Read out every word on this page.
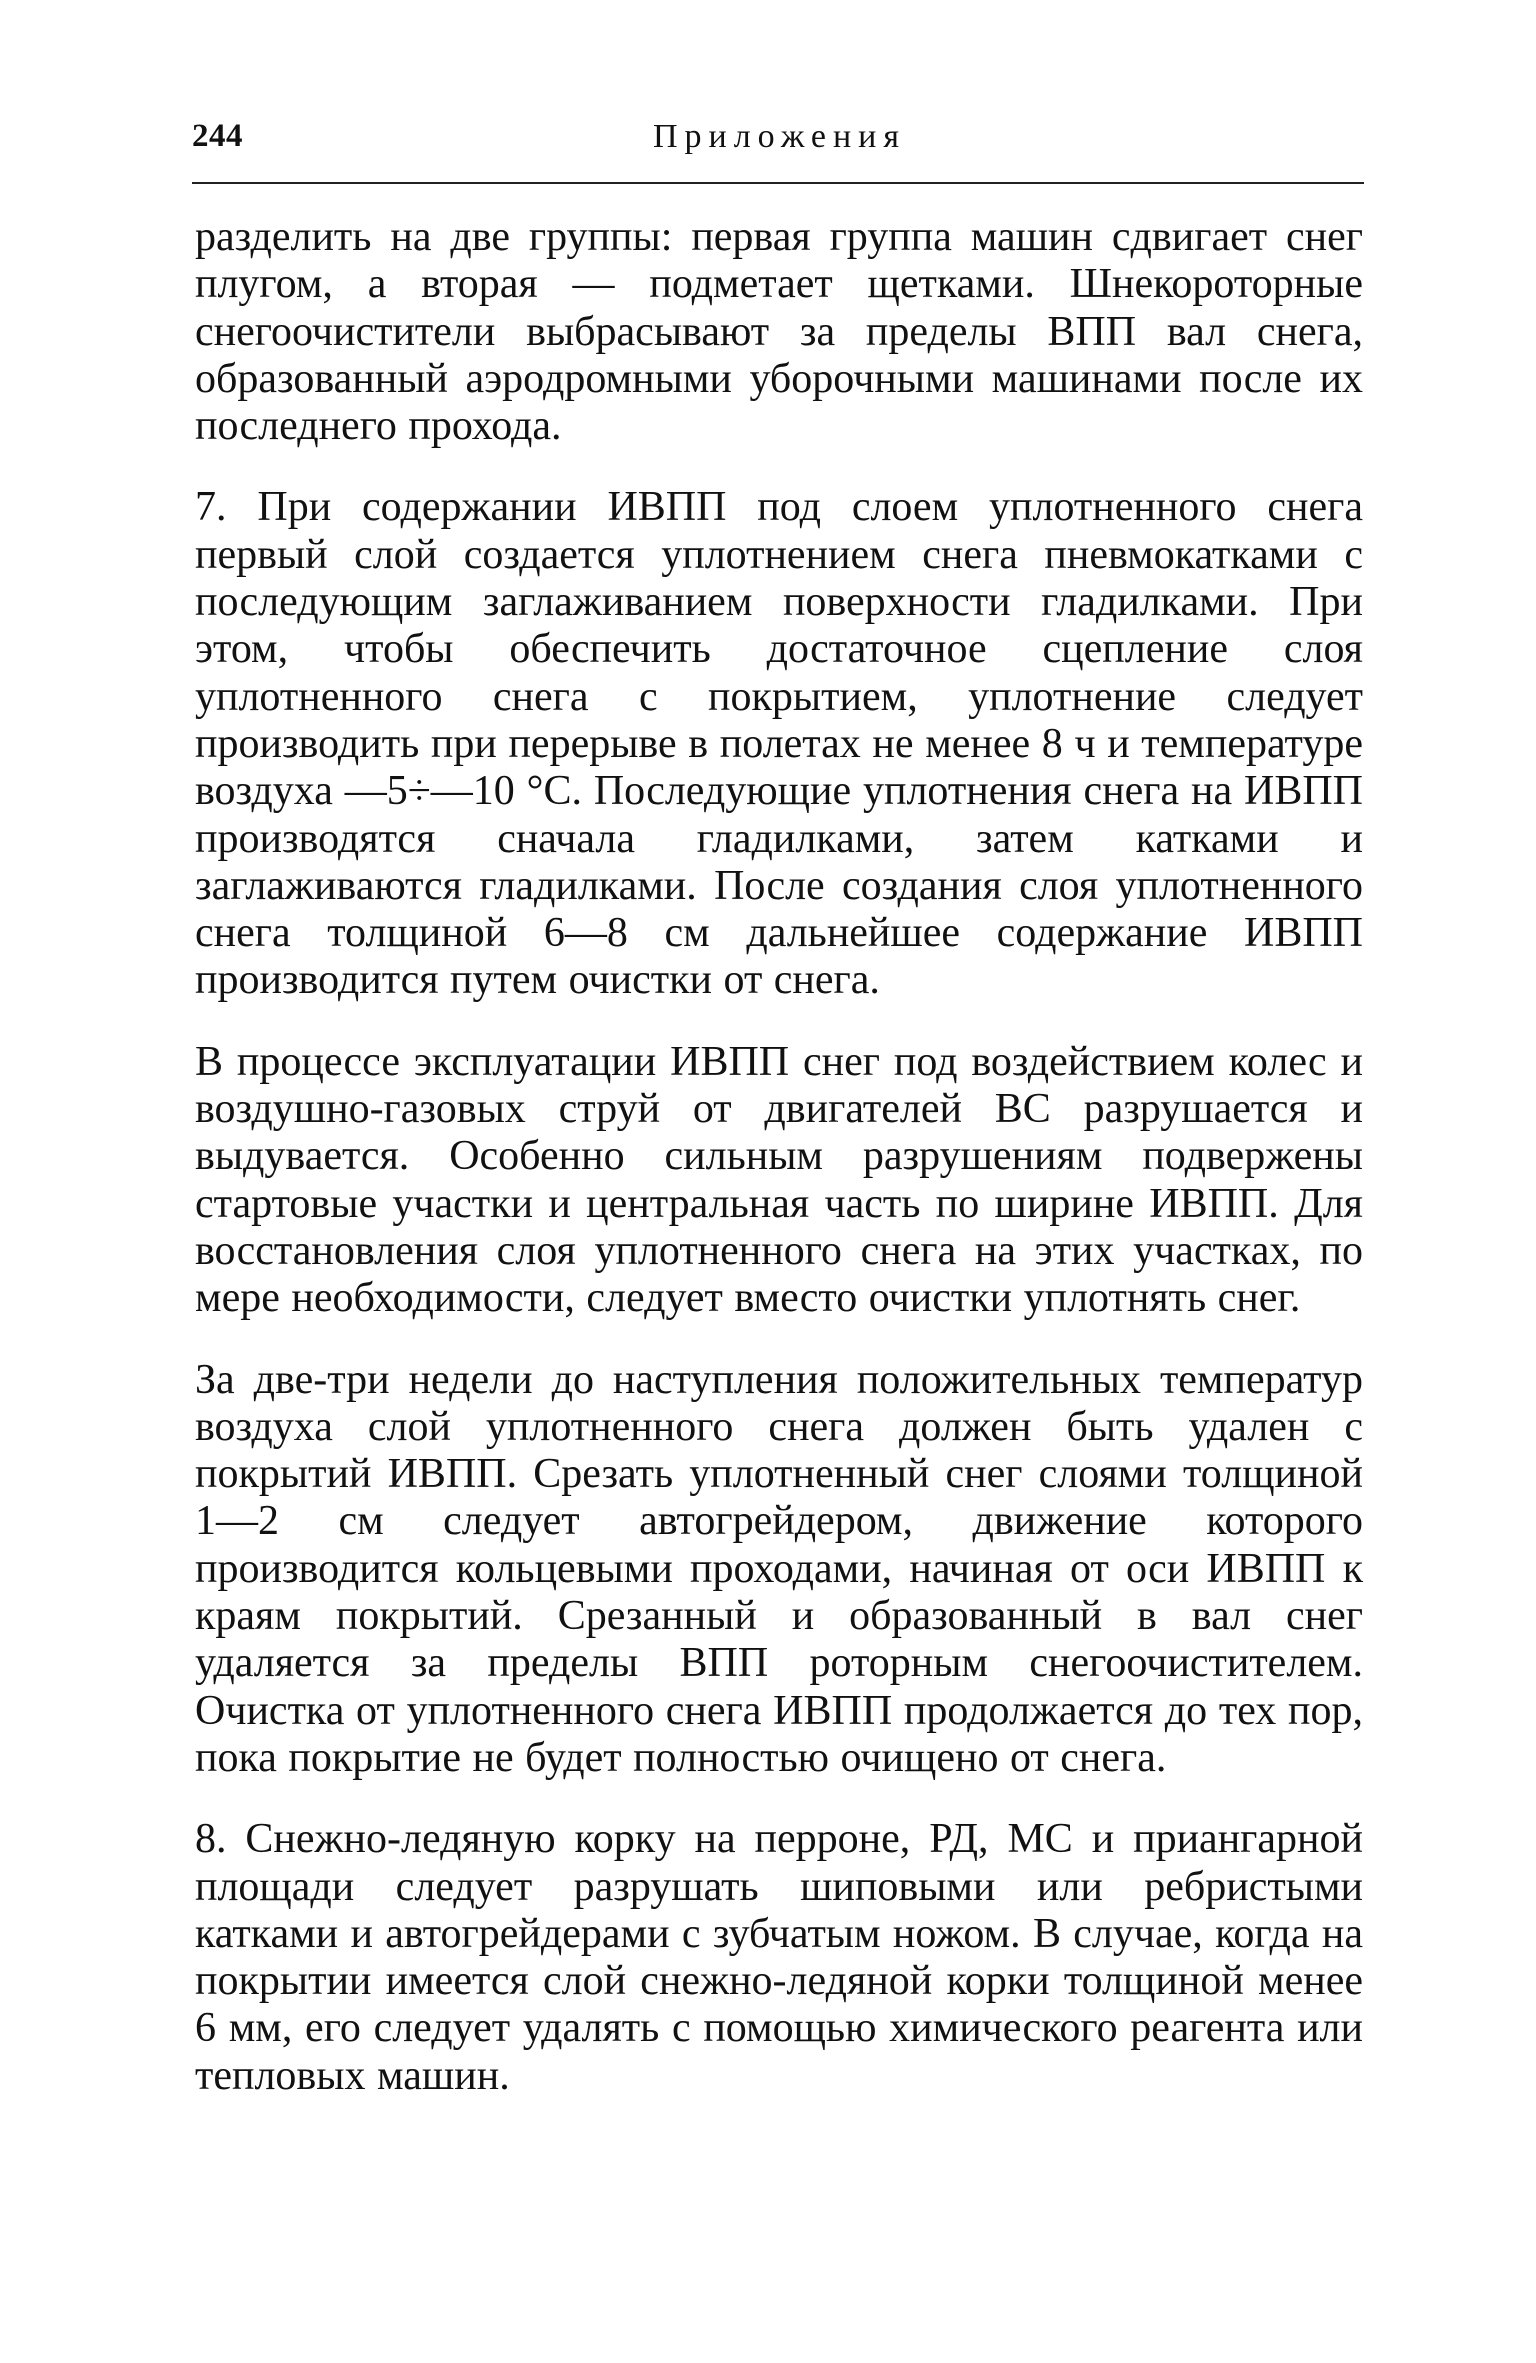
244	Приложения

разделить на две группы: первая группа машин сдвигает снег плугом, а вторая — подметает щетками. Шнекороторные снегоочистители выбрасывают за пределы ВПП вал снега, образованный аэродромными уборочными машинами после их последнего прохода.

7. При содержании ИВПП под слоем уплотненного снега первый слой создается уплотнением снега пневмокатками с последующим заглаживанием поверхности гладилками. При этом, чтобы обеспечить достаточное сцепление слоя уплотненного снега с покрытием, уплотнение следует производить при перерыве в полетах не менее 8 ч и температуре воздуха —5÷—10 °С. Последующие уплотнения снега на ИВПП производятся сначала гладилками, затем катками и заглаживаются гладилками. После создания слоя уплотненного снега толщиной 6—8 см дальнейшее содержание ИВПП производится путем очистки от снега.

В процессе эксплуатации ИВПП снег под воздействием колес и воздушно-газовых струй от двигателей ВС разрушается и выдувается. Особенно сильным разрушениям подвержены стартовые участки и центральная часть по ширине ИВПП. Для восстановления слоя уплотненного снега на этих участках, по мере необходимости, следует вместо очистки уплотнять снег.

За две-три недели до наступления положительных температур воздуха слой уплотненного снега должен быть удален с покрытий ИВПП. Срезать уплотненный снег слоями толщиной 1—2 см следует автогрейдером, движение которого производится кольцевыми проходами, начиная от оси ИВПП к краям покрытий. Срезанный и образованный в вал снег удаляется за пределы ВПП роторным снегоочистителем. Очистка от уплотненного снега ИВПП продолжается до тех пор, пока покрытие не будет полностью очищено от снега.

8. Снежно-ледяную корку на перроне, РД, МС и приангарной площади следует разрушать шиповыми или ребристыми катками и автогрейдерами с зубчатым ножом. В случае, когда на покрытии имеется слой снежно-ледяной корки толщиной менее 6 мм, его следует удалять с помощью химического реагента или тепловых машин.
